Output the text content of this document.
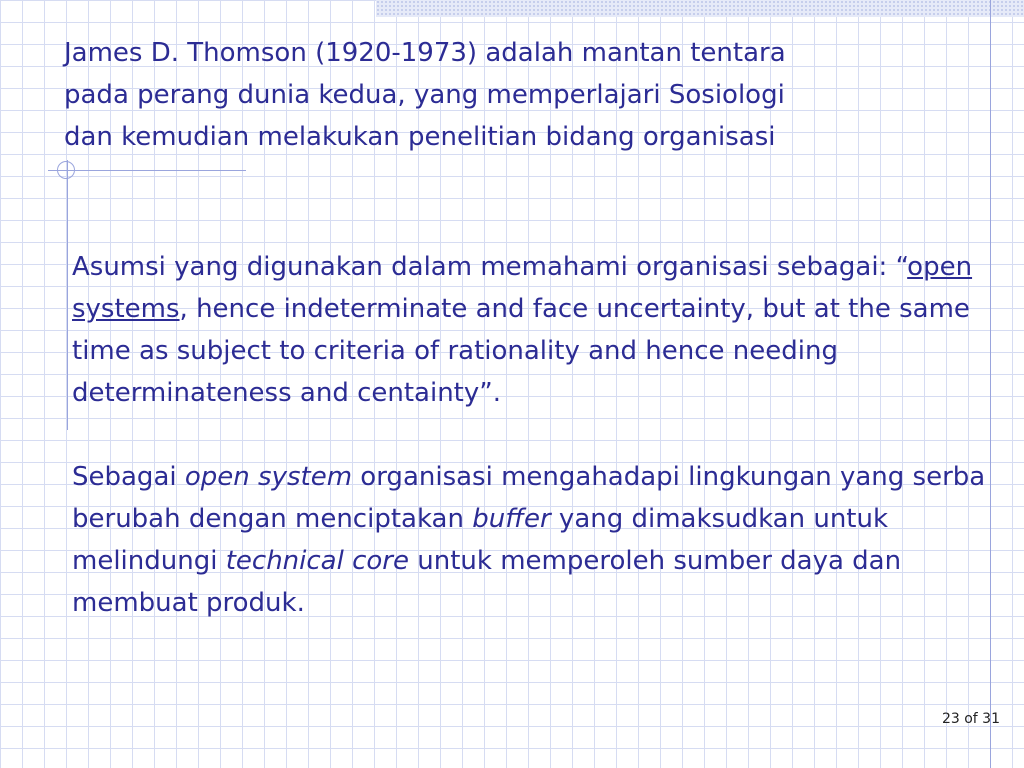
James D. Thomson (1920-1973) adalah mantan tentara
pada perang dunia kedua, yang memperlajari Sosiologi
dan kemudian melakukan penelitian bidang organisasi

Asumsi yang digunakan dalam memahami organisasi sebagai: “open systems, hence indeterminate and face uncertainty, but at the same time as subject to criteria of rationality and hence needing determinateness and centainty”.

Sebagai open system organisasi mengahadapi lingkungan yang serba berubah dengan menciptakan buffer yang dimaksudkan untuk melindungi technical core untuk memperoleh sumber daya dan membuat produk.

23 of 31
